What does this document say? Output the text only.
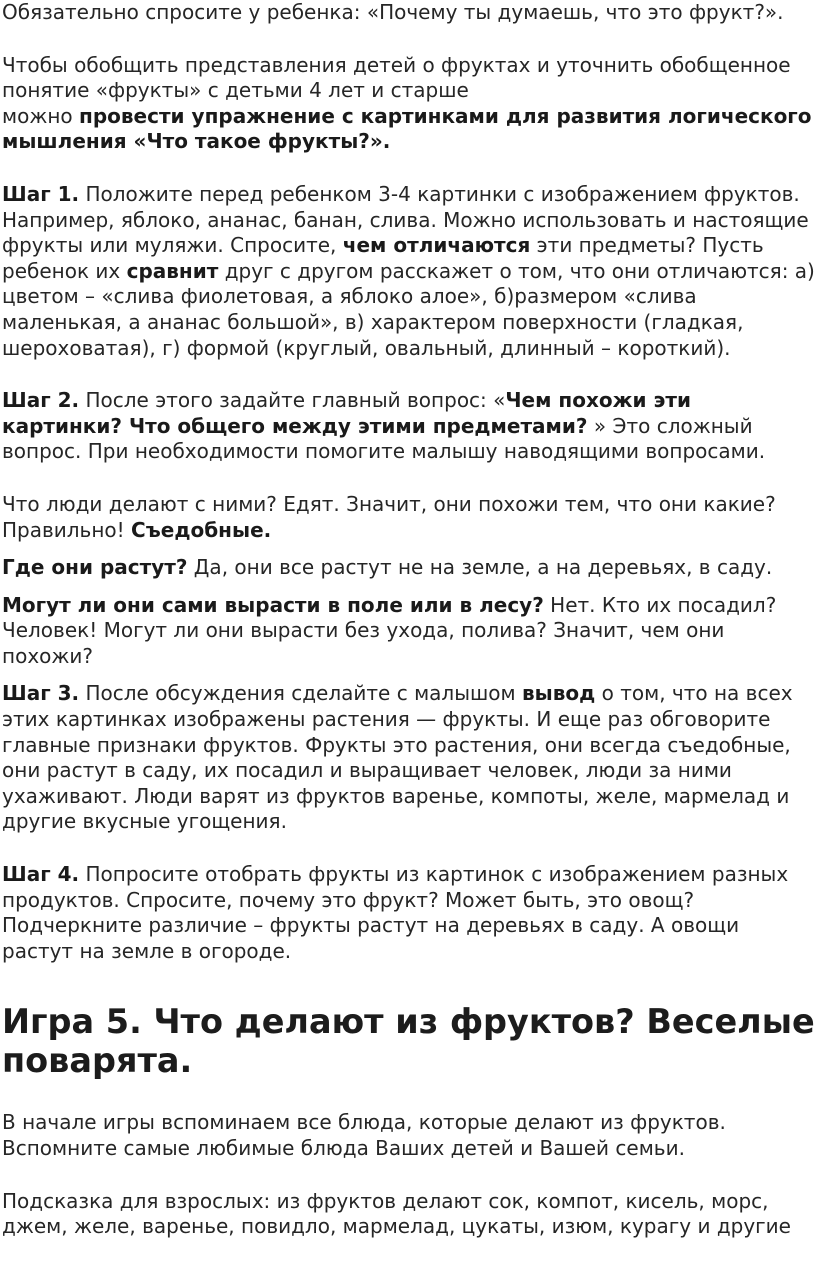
Обязательно спросите у ребенка: «Почему ты думаешь, что это фрукт?».

Чтобы обобщить представления детей о фруктах и уточнить обобщенное понятие «фрукты» с детьми 4 лет и старше
можно провести упражнение с картинками для развития логического мышления «Что такое фрукты?».

Шаг 1. Положите перед ребенком 3-4 картинки с изображением фруктов. Например, яблоко, ананас, банан, слива. Можно использовать и настоящие фрукты или муляжи. Спросите, чем отличаются эти предметы? Пусть ребенок их сравнит друг с другом расскажет о том, что они отличаются: а) цветом – «слива фиолетовая, а яблоко алое», б)размером «слива маленькая, а ананас большой», в) характером поверхности (гладкая, шероховатая), г) формой (круглый, овальный, длинный – короткий).

Шаг 2. После этого задайте главный вопрос: «Чем похожи эти картинки? Что общего между этими предметами? » Это сложный вопрос. При необходимости помогите малышу наводящими вопросами.

Что люди делают с ними? Едят. Значит, они похожи тем, что они какие? Правильно! Съедобные.

Где они растут? Да, они все растут не на земле, а на деревьях, в саду.

Могут ли они сами вырасти в поле или в лесу? Нет. Кто их посадил? Человек! Могут ли они вырасти без ухода, полива? Значит, чем они похожи?

Шаг 3. После обсуждения сделайте с малышом вывод о том, что на всех этих картинках изображены растения — фрукты. И еще раз обговорите главные признаки фруктов. Фрукты это растения, они всегда съедобные, они растут в саду, их посадил и выращивает человек, люди за ними ухаживают. Люди варят из фруктов варенье, компоты, желе, мармелад и другие вкусные угощения.

Шаг 4. Попросите отобрать фрукты из картинок с изображением разных продуктов. Спросите, почему это фрукт? Может быть, это овощ? Подчеркните различие – фрукты растут на деревьях в саду. А овощи растут на земле в огороде.

Игра 5. Что делают из фруктов? Веселые поварята.

В начале игры вспоминаем все блюда, которые делают из фруктов. Вспомните самые любимые блюда Ваших детей и Вашей семьи.

Подсказка для взрослых: из фруктов делают сок, компот, кисель, морс, джем, желе, варенье, повидло, мармелад, цукаты, изюм, курагу и другие
